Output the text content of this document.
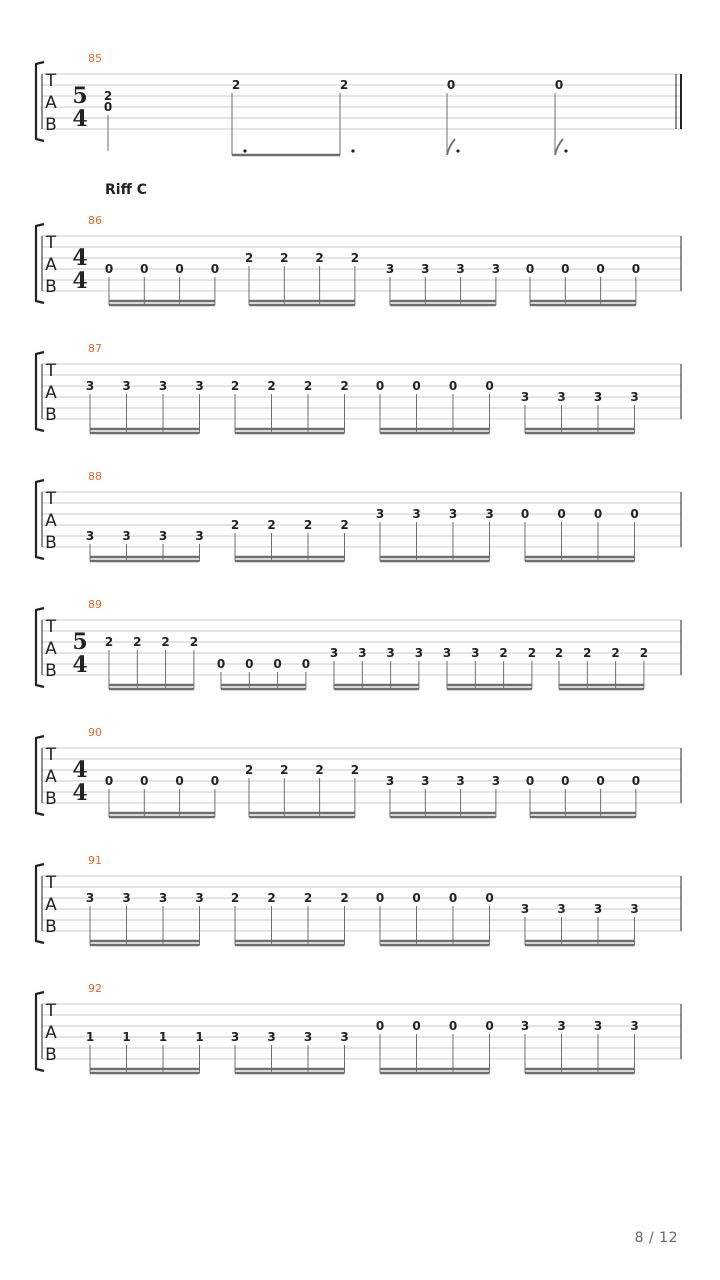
85
T
A
B
5
4
2
0
2	2	0	0
86
T
A
B
4
4 0 0 0 0
2 2 2 2
3 3 3 3 0 0 0 0
87
T
A
B
3 3 3 3 2 2 2 2 0 0 0 0
3 3 3 3
88
T
A
B 3 3 3 3
2 2 2 2
3 3 3 3 0 0 0 0
89
T
A
B
5
4
2 2 2 2
0 0 0 0
3 3 3 3 3 3 2 2 2 2 2 2
90
T
A
B
4
4 0 0 0 0
2 2 2 2
3 3 3 3 0 0 0 0
91
T
A
B
3 3 3 3 2 2 2 2 0 0 0 0
3 3 3 3
92
T
A
B
1 1 1 1 3 3 3 3
0 0 0 0 3 3 3 3
Riff C
8 / 12
